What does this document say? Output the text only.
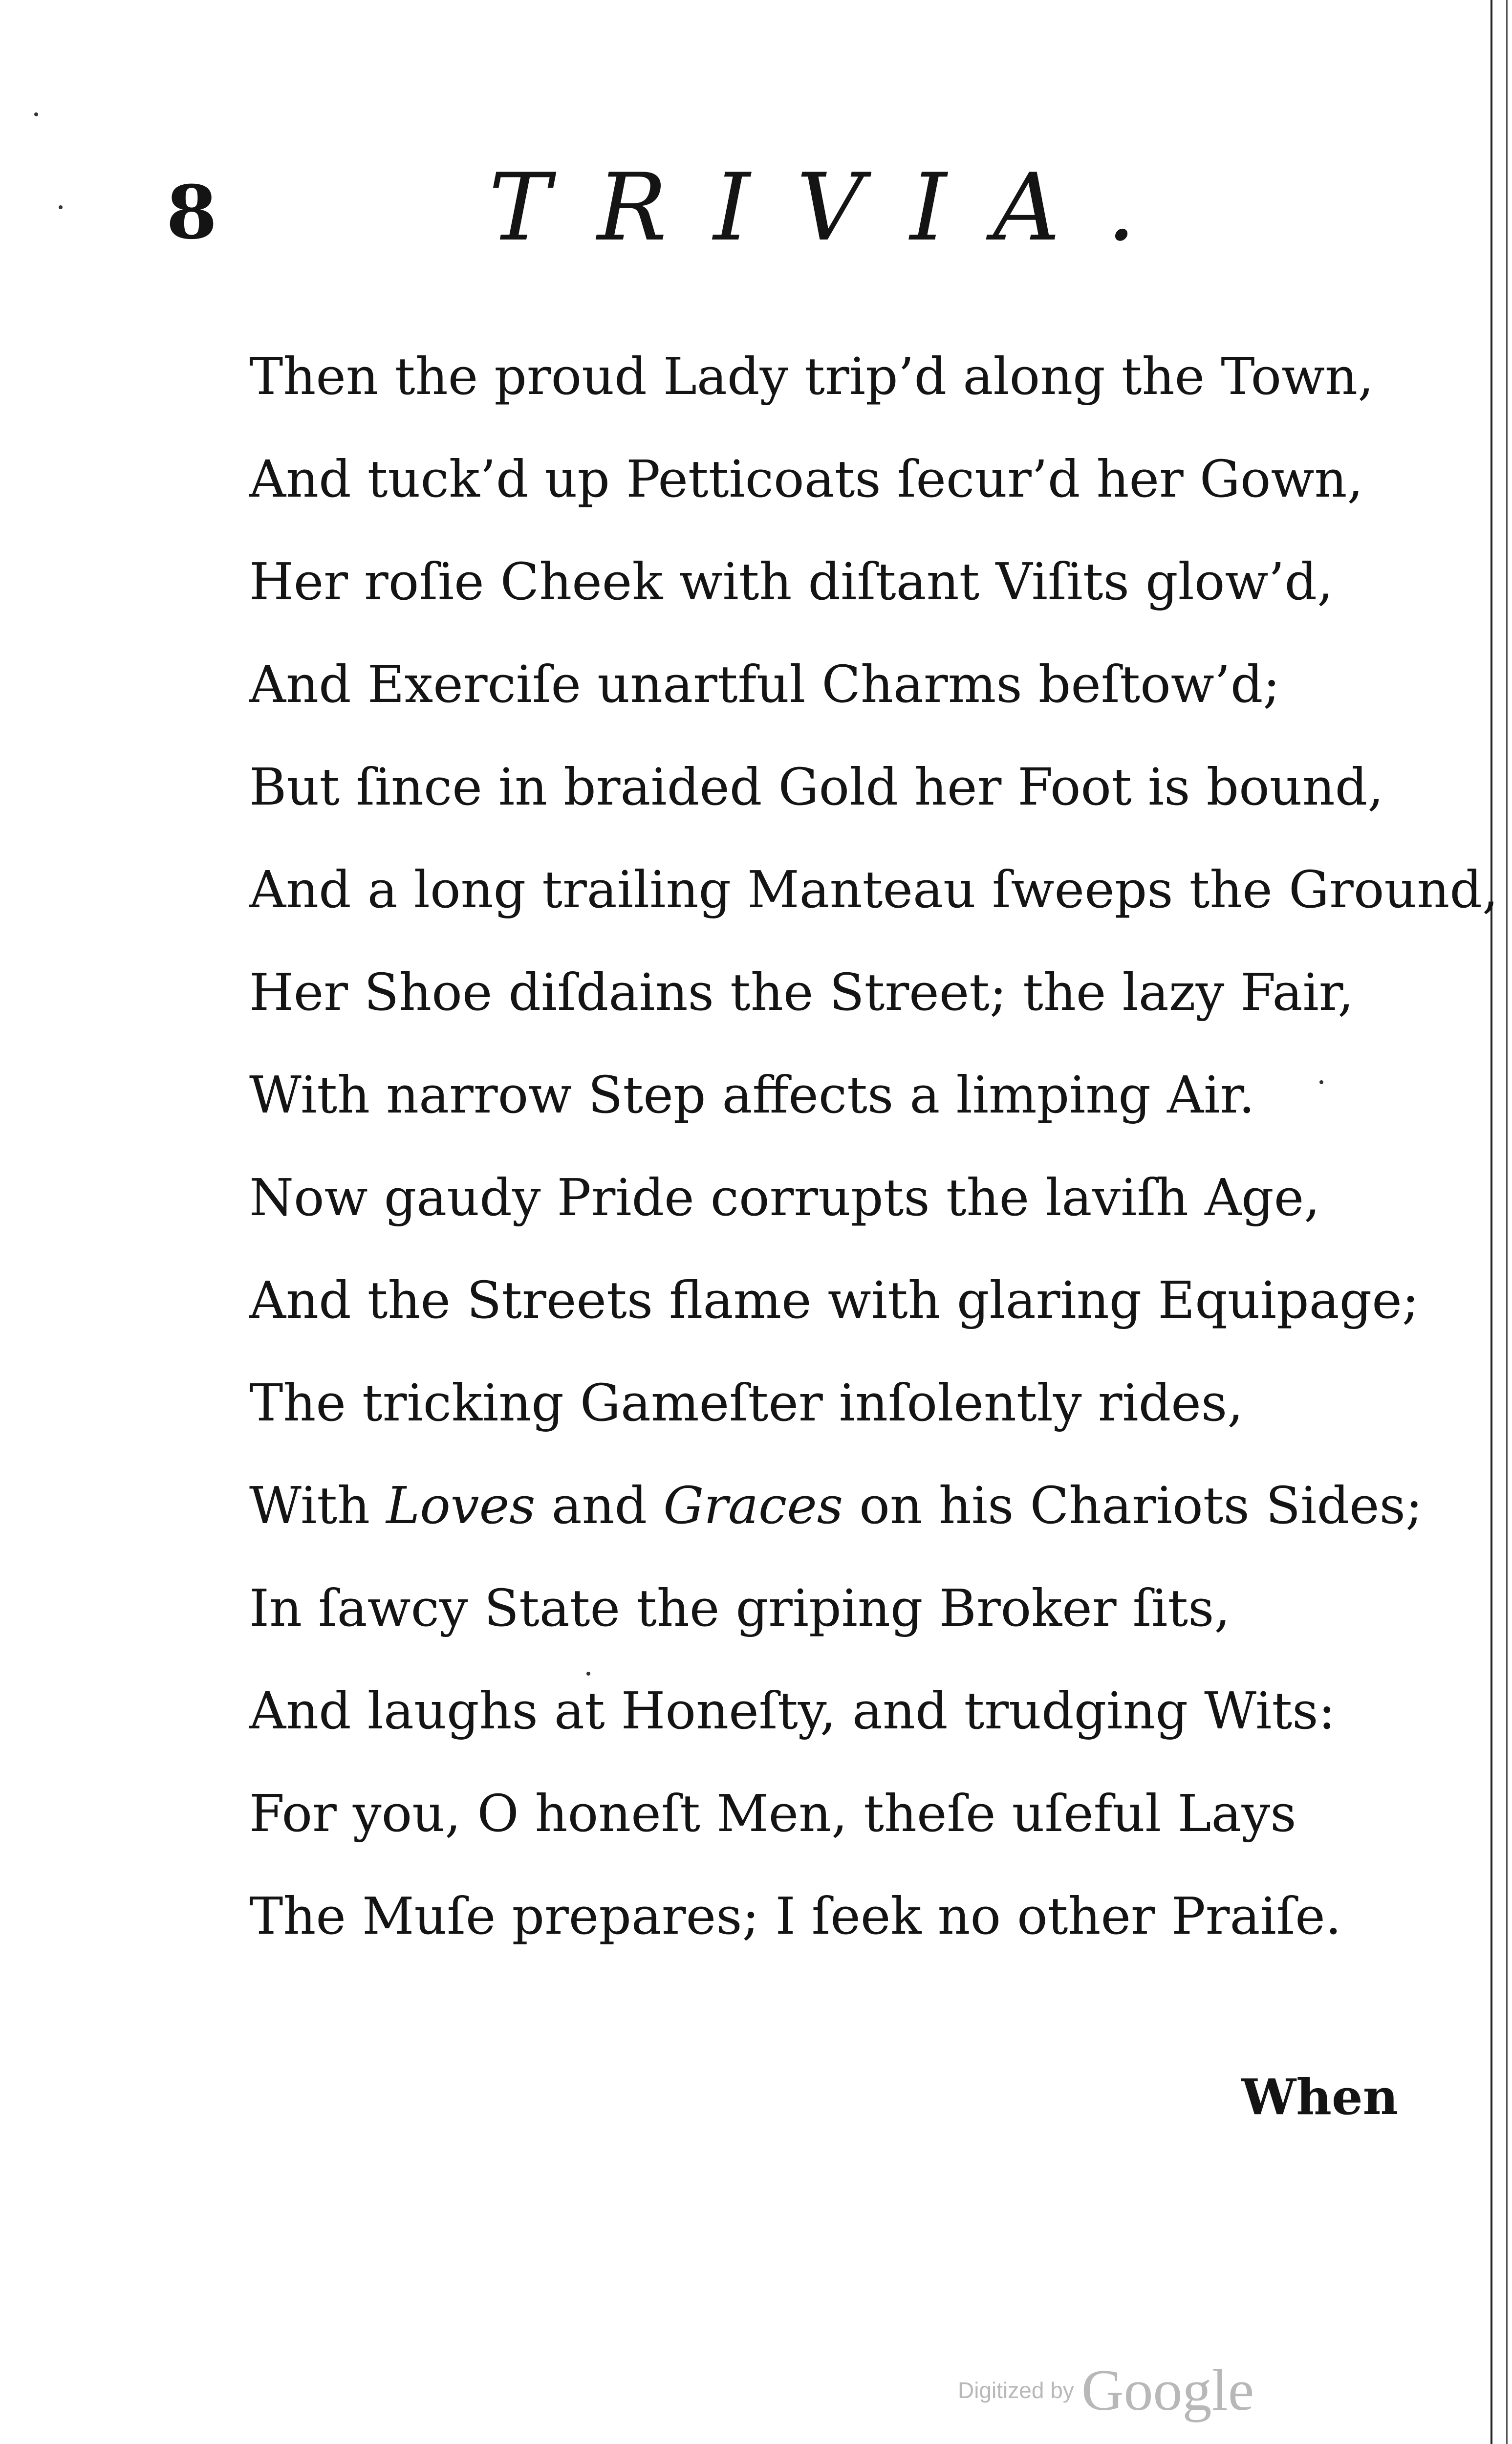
8	TRIVIA.

Then the proud Lady trip’d along the Town,

And tuck’d up Petticoats ſecur’d her Gown,

Her roſie Cheek with diſtant Viſits glow’d,

And Exerciſe unartful Charms beſtow’d;

But ſince in braided Gold her Foot is bound,

And a long trailing Manteau ſweeps the Ground,

Her Shoe diſdains the Street; the lazy Fair,

With narrow Step affects a limping Air.

Now gaudy Pride corrupts the laviſh Age,

And the Streets flame with glaring Equipage;

The tricking Gameſter inſolently rides,

With Loves and Graces on his Chariots Sides;

In ſawcy State the griping Broker ſits,

And laughs at Honeſty, and trudging Wits:

For you, O honeſt Men, theſe uſeful Lays

The Muſe prepares; I ſeek no other Praiſe.

When
Digitized by Google
